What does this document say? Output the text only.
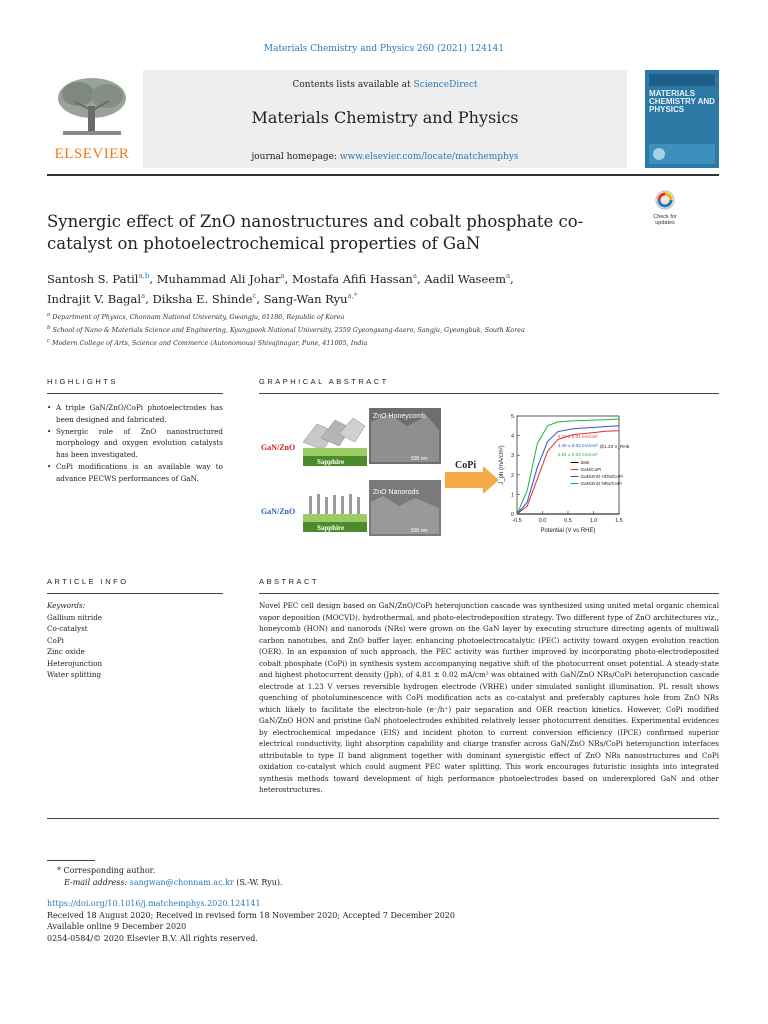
Materials Chemistry and Physics 260 (2021) 124141
ELSEVIER
Contents lists available at ScienceDirect
Materials Chemistry and Physics
journal homepage: www.elsevier.com/locate/matchemphys
MATERIALS CHEMISTRY AND PHYSICS
Synergic effect of ZnO nanostructures and cobalt phosphate co-catalyst on photoelectrochemical properties of GaN
Check for
updates
Santosh S. Patil$^{a,b}$, Muhammad Ali Johar$^a$, Mostafa Afifi Hassan$^a$, Aadil Waseem$^a$,
Indrajit V. Bagal$^a$, Diksha E. Shinde$^c$, Sang-Wan Ryu$^{a,*}$
$^a$ Department of Physics, Chonnam National University, Gwangju, 61186, Republic of Korea
$^b$ School of Nano & Materials Science and Engineering, Kyungpook National University, 2559 Gyeongsang-daero, Sangju, Gyeongbuk, South Korea
$^c$ Modern College of Arts, Science and Commerce (Autonomous) Shivajinagar, Pune, 411005, India
HIGHLIGHTS	GRAPHICAL ABSTRACT
• A triple GaN/ZnO/CoPi photoelectrodes has been designed and fabricated.
• Synergic role of ZnO nanostructured morphology and oxygen evolution catalysts has been investigated.
• CoPi modifications is an available way to advance PECWS performances of GaN.
GaN/ZnO
Sapphire
ZnO Honeycomb
500 nm
GaN/ZnO
Sapphire
ZnO Nanorods
500 nm
CoPi
-0.5	0.0	0.5	1.0	1.5
0
1
2
3
4
5
Potential (V vs RHE)
J_ph (mA/cm²)
4.22 ± 0.01 mA/cm²
4.46 ± 0.02 mA/cm²
4.81 ± 0.02 mA/cm²
@1.23 V_RHE
dark
GaN/CoPi
GaN/ZnO HON/CoPi
GaN/ZnO NRs/CoPi
ARTICLE INFO	ABSTRACT
Keywords:
Gallium nitride
Co-catalyst
CoPi
Zinc oxide
Heterojunction
Water splitting
Novel PEC cell design based on GaN/ZnO/CoPi heterojunction cascade was synthesized using united metal organic chemical vapor deposition (MOCVD), hydrothermal, and photo-electrodeposition strategy. Two different type of ZnO architectures viz., honeycomb (HON) and nanorods (NRs) were grown on the GaN layer by executing structure directing agents of multiwall carbon nanotubes, and ZnO buffer layer, enhancing photoelectrocatalytic (PEC) activity toward oxygen evolution reaction (OER). In an expansion of such approach, the PEC activity was further improved by incorporating photo-electrodeposited cobalt phosphate (CoPi) in synthesis system accompanying negative shift of the photocurrent onset potential. A steady-state and highest photocurrent density (Jph), of 4.81 ± 0.02 mA/cm² was obtained with GaN/ZnO NRs/CoPi heterojunction cascade electrode at 1.23 V verses reversible hydrogen electrode (VRHE) under simulated sunlight illumination. PL result shows quenching of photoluminescence with CoPi modification acts as co-catalyst and preferably captures hole from ZnO NRs which likely to facilitate the electron-hole (e⁻/h⁺) pair separation and OER reaction kinetics. However, CoPi modified GaN/ZnO HON and pristine GaN photoelectrodes exhibited relatively lesser photocurrent densities. Experimental evidences by electrochemical impedance (EIS) and incident photon to current conversion efficiency (IPCE) confirmed superior electrical conductivity, light absorption capability and charge transfer across GaN/ZnO NRs/CoPi heterojunction interfaces attributable to type II band alignment together with dominant synergistic effect of ZnO NRs nanostructures and CoPi oxidation co-catalyst which could augment PEC water splitting. This work encourages futuristic insights into integrated synthesis methods toward development of high performance photoelectrodes based on underexplored GaN and other heterostructures.
* Corresponding author.
E-mail address: sangwan@chonnam.ac.kr (S.-W. Ryu).
https://doi.org/10.1016/j.matchemphys.2020.124141
Received 18 August 2020; Received in revised form 18 November 2020; Accepted 7 December 2020
Available online 9 December 2020
0254-0584/© 2020 Elsevier B.V. All rights reserved.
